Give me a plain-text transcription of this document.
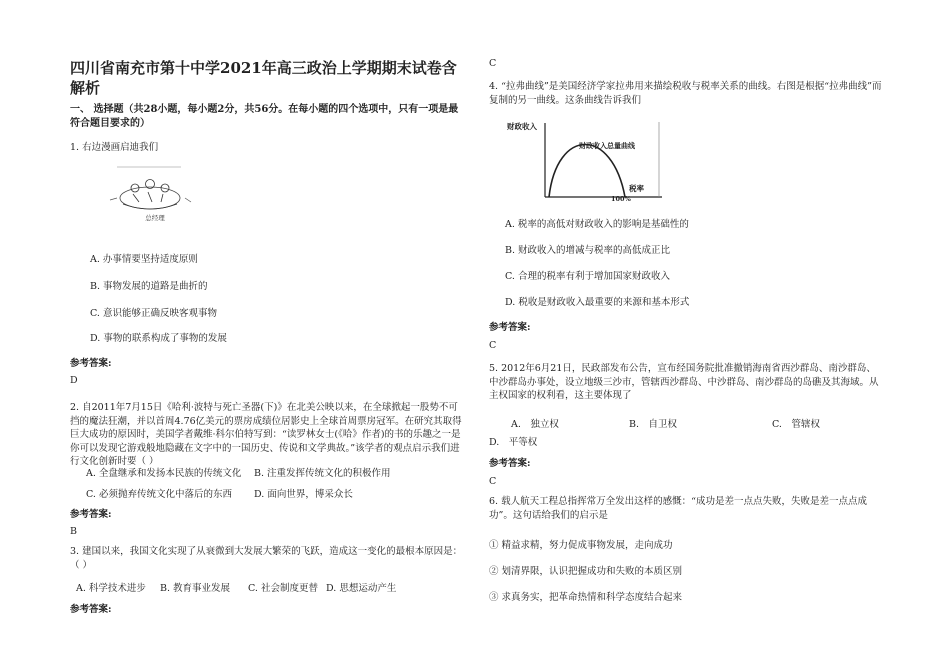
四川省南充市第十中学2021年高三政治上学期期末试卷含解析

一、 选择题（共28小题，每小题2分，共56分。在每小题的四个选项中，只有一项是最符合题目要求的）

1. 右边漫画启迪我们

总经理

A. 办事情要坚持适度原则

B. 事物发展的道路是曲折的

C. 意识能够正确反映客观事物

D. 事物的联系构成了事物的发展

参考答案:

D

2. 自2011年7月15日《哈利·波特与死亡圣器(下)》在北美公映以来，在全球掀起一股势不可挡的魔法狂潮，并以首周4.76亿美元的票房成绩位居影史上全球首周票房冠军。在研究其取得巨大成功的原因时，美国学者戴维·科尔伯特写到：“读罗林女士(《哈》作者)的书的乐趣之一是你可以发现它游戏般地隐藏在文字中的一国历史、传说和文学典故。”该学者的观点启示我们进行文化创新时要（ ）

A. 全盘继承和发扬本民族的传统文化 B. 注重发挥传统文化的积极作用

C. 必须抛弃传统文化中落后的东西 D. 面向世界，博采众长

参考答案:

B

3. 建国以来，我国文化实现了从衰微到大发展大繁荣的飞跃，造成这一变化的最根本原因是：（ ）

A. 科学技术进步 B. 教育事业发展 C. 社会制度更替 D. 思想运动产生

参考答案:

C

4. “拉弗曲线”是美国经济学家拉弗用来描绘税收与税率关系的曲线。右图是根据“拉弗曲线”而复制的另一曲线。这条曲线告诉我们

财政收入
财政收入总量曲线
税率
100%

A. 税率的高低对财政收入的影响是基础性的

B. 财政收入的增减与税率的高低成正比

C. 合理的税率有利于增加国家财政收入

D. 税收是财政收入最重要的来源和基本形式

参考答案:

C

5. 2012年6月21日，民政部发布公告，宣布经国务院批准撤销海南省西沙群岛、南沙群岛、中沙群岛办事处，设立地级三沙市，管辖西沙群岛、中沙群岛、南沙群岛的岛礁及其海域。从主权国家的权利看，这主要体现了

A.　独立权	B.　自卫权	C.　管辖权

D.　平等权

参考答案:

C

6. 载人航天工程总指挥常万全发出这样的感慨：“成功是差一点点失败，失败是差一点点成功”。这句话给我们的启示是

① 精益求精，努力促成事物发展，走向成功

② 划清界限，认识把握成功和失败的本质区别

③ 求真务实，把革命热情和科学态度结合起来
